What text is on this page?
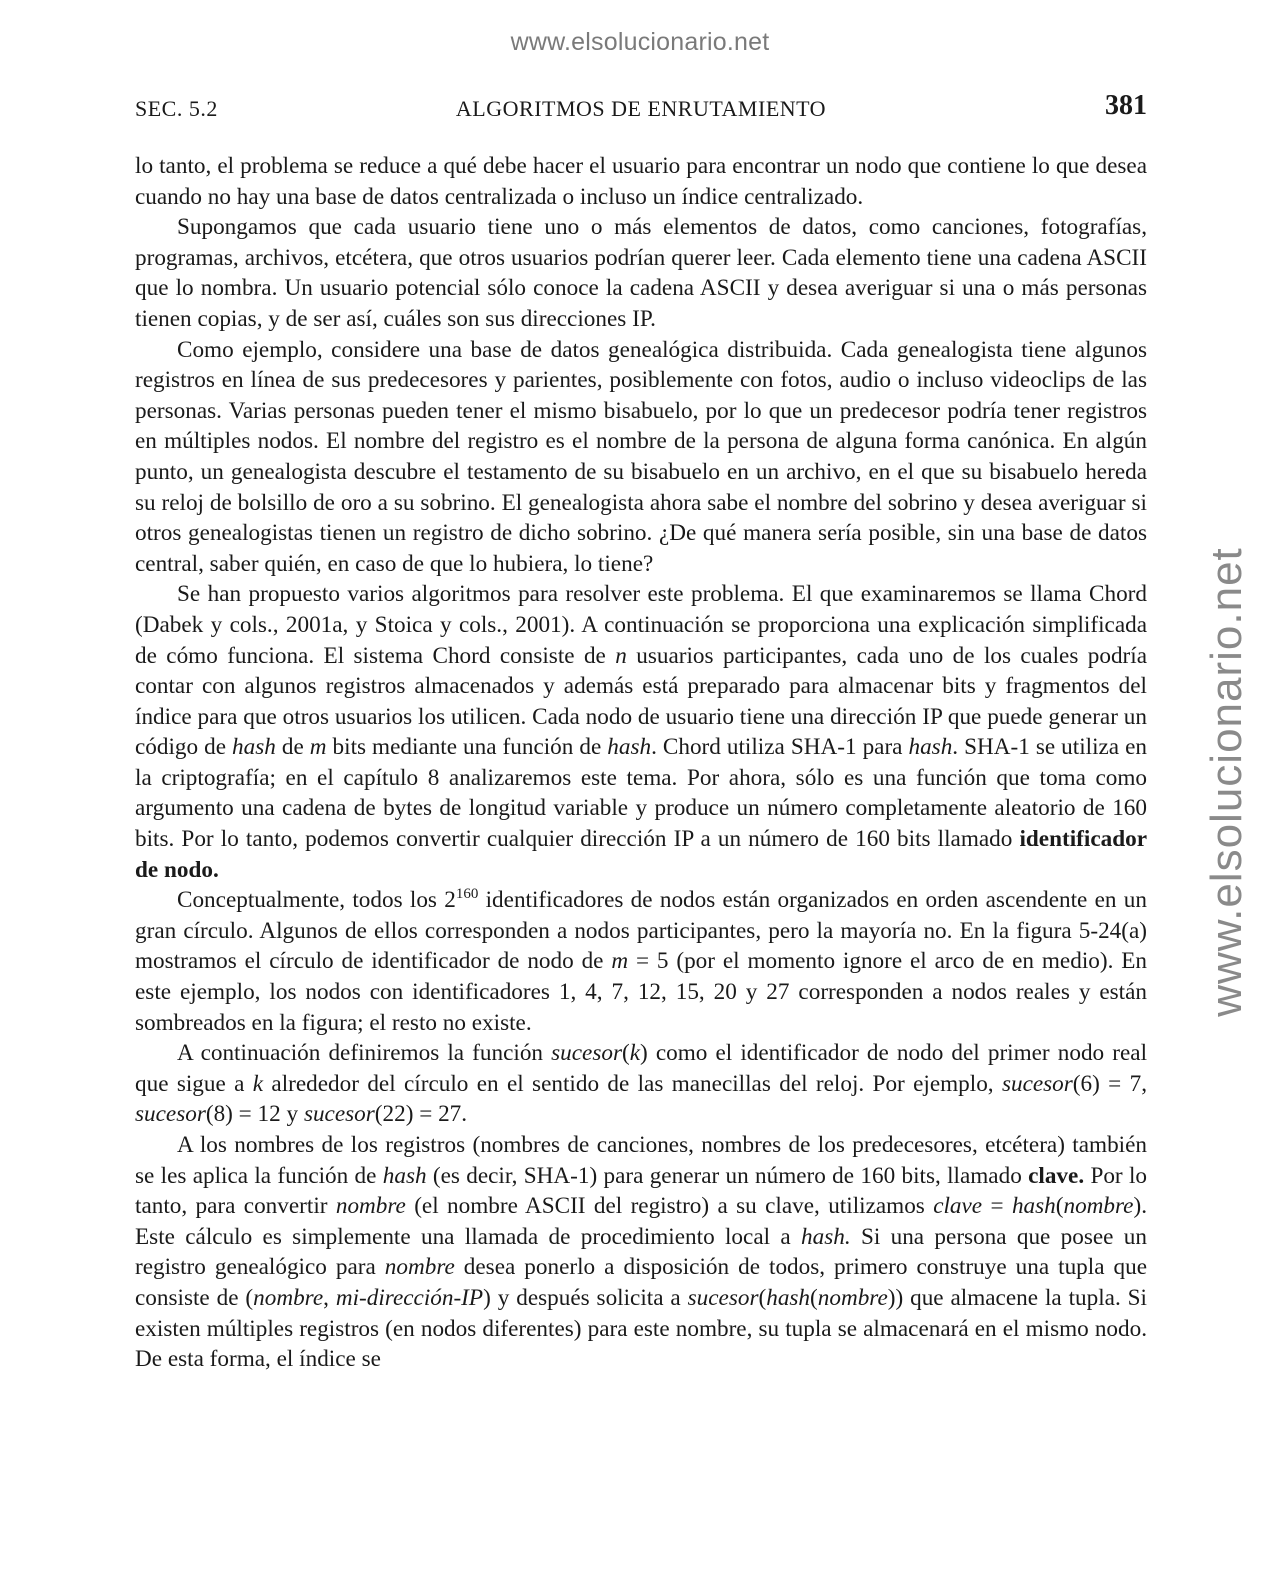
www.elsolucionario.net
www.elsolucionario.net
SEC. 5.2	ALGORITMOS DE ENRUTAMIENTO	381

lo tanto, el problema se reduce a qué debe hacer el usuario para encontrar un nodo que contiene lo que desea cuando no hay una base de datos centralizada o incluso un índice centralizado.

Supongamos que cada usuario tiene uno o más elementos de datos, como canciones, fotografías, programas, archivos, etcétera, que otros usuarios podrían querer leer. Cada elemento tiene una cadena ASCII que lo nombra. Un usuario potencial sólo conoce la cadena ASCII y desea averiguar si una o más personas tienen copias, y de ser así, cuáles son sus direcciones IP.

Como ejemplo, considere una base de datos genealógica distribuida. Cada genealogista tiene algunos registros en línea de sus predecesores y parientes, posiblemente con fotos, audio o incluso videoclips de las personas. Varias personas pueden tener el mismo bisabuelo, por lo que un predecesor podría tener registros en múltiples nodos. El nombre del registro es el nombre de la persona de alguna forma canónica. En algún punto, un genealogista descubre el testamento de su bisabuelo en un archivo, en el que su bisabuelo hereda su reloj de bolsillo de oro a su sobrino. El genealogista ahora sabe el nombre del sobrino y desea averiguar si otros genealogistas tienen un registro de dicho sobrino. ¿De qué manera sería posible, sin una base de datos central, saber quién, en caso de que lo hubiera, lo tiene?

Se han propuesto varios algoritmos para resolver este problema. El que examinaremos se llama Chord (Dabek y cols., 2001a, y Stoica y cols., 2001). A continuación se proporciona una explicación simplificada de cómo funciona. El sistema Chord consiste de n usuarios participantes, cada uno de los cuales podría contar con algunos registros almacenados y además está preparado para almacenar bits y fragmentos del índice para que otros usuarios los utilicen. Cada nodo de usuario tiene una dirección IP que puede generar un código de hash de m bits mediante una función de hash. Chord utiliza SHA-1 para hash. SHA-1 se utiliza en la criptografía; en el capítulo 8 analizaremos este tema. Por ahora, sólo es una función que toma como argumento una cadena de bytes de longitud variable y produce un número completamente aleatorio de 160 bits. Por lo tanto, podemos convertir cualquier dirección IP a un número de 160 bits llamado identificador de nodo.

Conceptualmente, todos los $2^{160}$ identificadores de nodos están organizados en orden ascendente en un gran círculo. Algunos de ellos corresponden a nodos participantes, pero la mayoría no. En la figura 5-24(a) mostramos el círculo de identificador de nodo de m = 5 (por el momento ignore el arco de en medio). En este ejemplo, los nodos con identificadores 1, 4, 7, 12, 15, 20 y 27 corresponden a nodos reales y están sombreados en la figura; el resto no existe.

A continuación definiremos la función sucesor(k) como el identificador de nodo del primer nodo real que sigue a k alrededor del círculo en el sentido de las manecillas del reloj. Por ejemplo, sucesor(6) = 7, sucesor(8) = 12 y sucesor(22) = 27.

A los nombres de los registros (nombres de canciones, nombres de los predecesores, etcétera) también se les aplica la función de hash (es decir, SHA-1) para generar un número de 160 bits, llamado clave. Por lo tanto, para convertir nombre (el nombre ASCII del registro) a su clave, utilizamos clave = hash(nombre). Este cálculo es simplemente una llamada de procedimiento local a hash. Si una persona que posee un registro genealógico para nombre desea ponerlo a disposición de todos, primero construye una tupla que consiste de (nombre, mi-dirección-IP) y después solicita a sucesor(hash(nombre)) que almacene la tupla. Si existen múltiples registros (en nodos diferentes) para este nombre, su tupla se almacenará en el mismo nodo. De esta forma, el índice se
